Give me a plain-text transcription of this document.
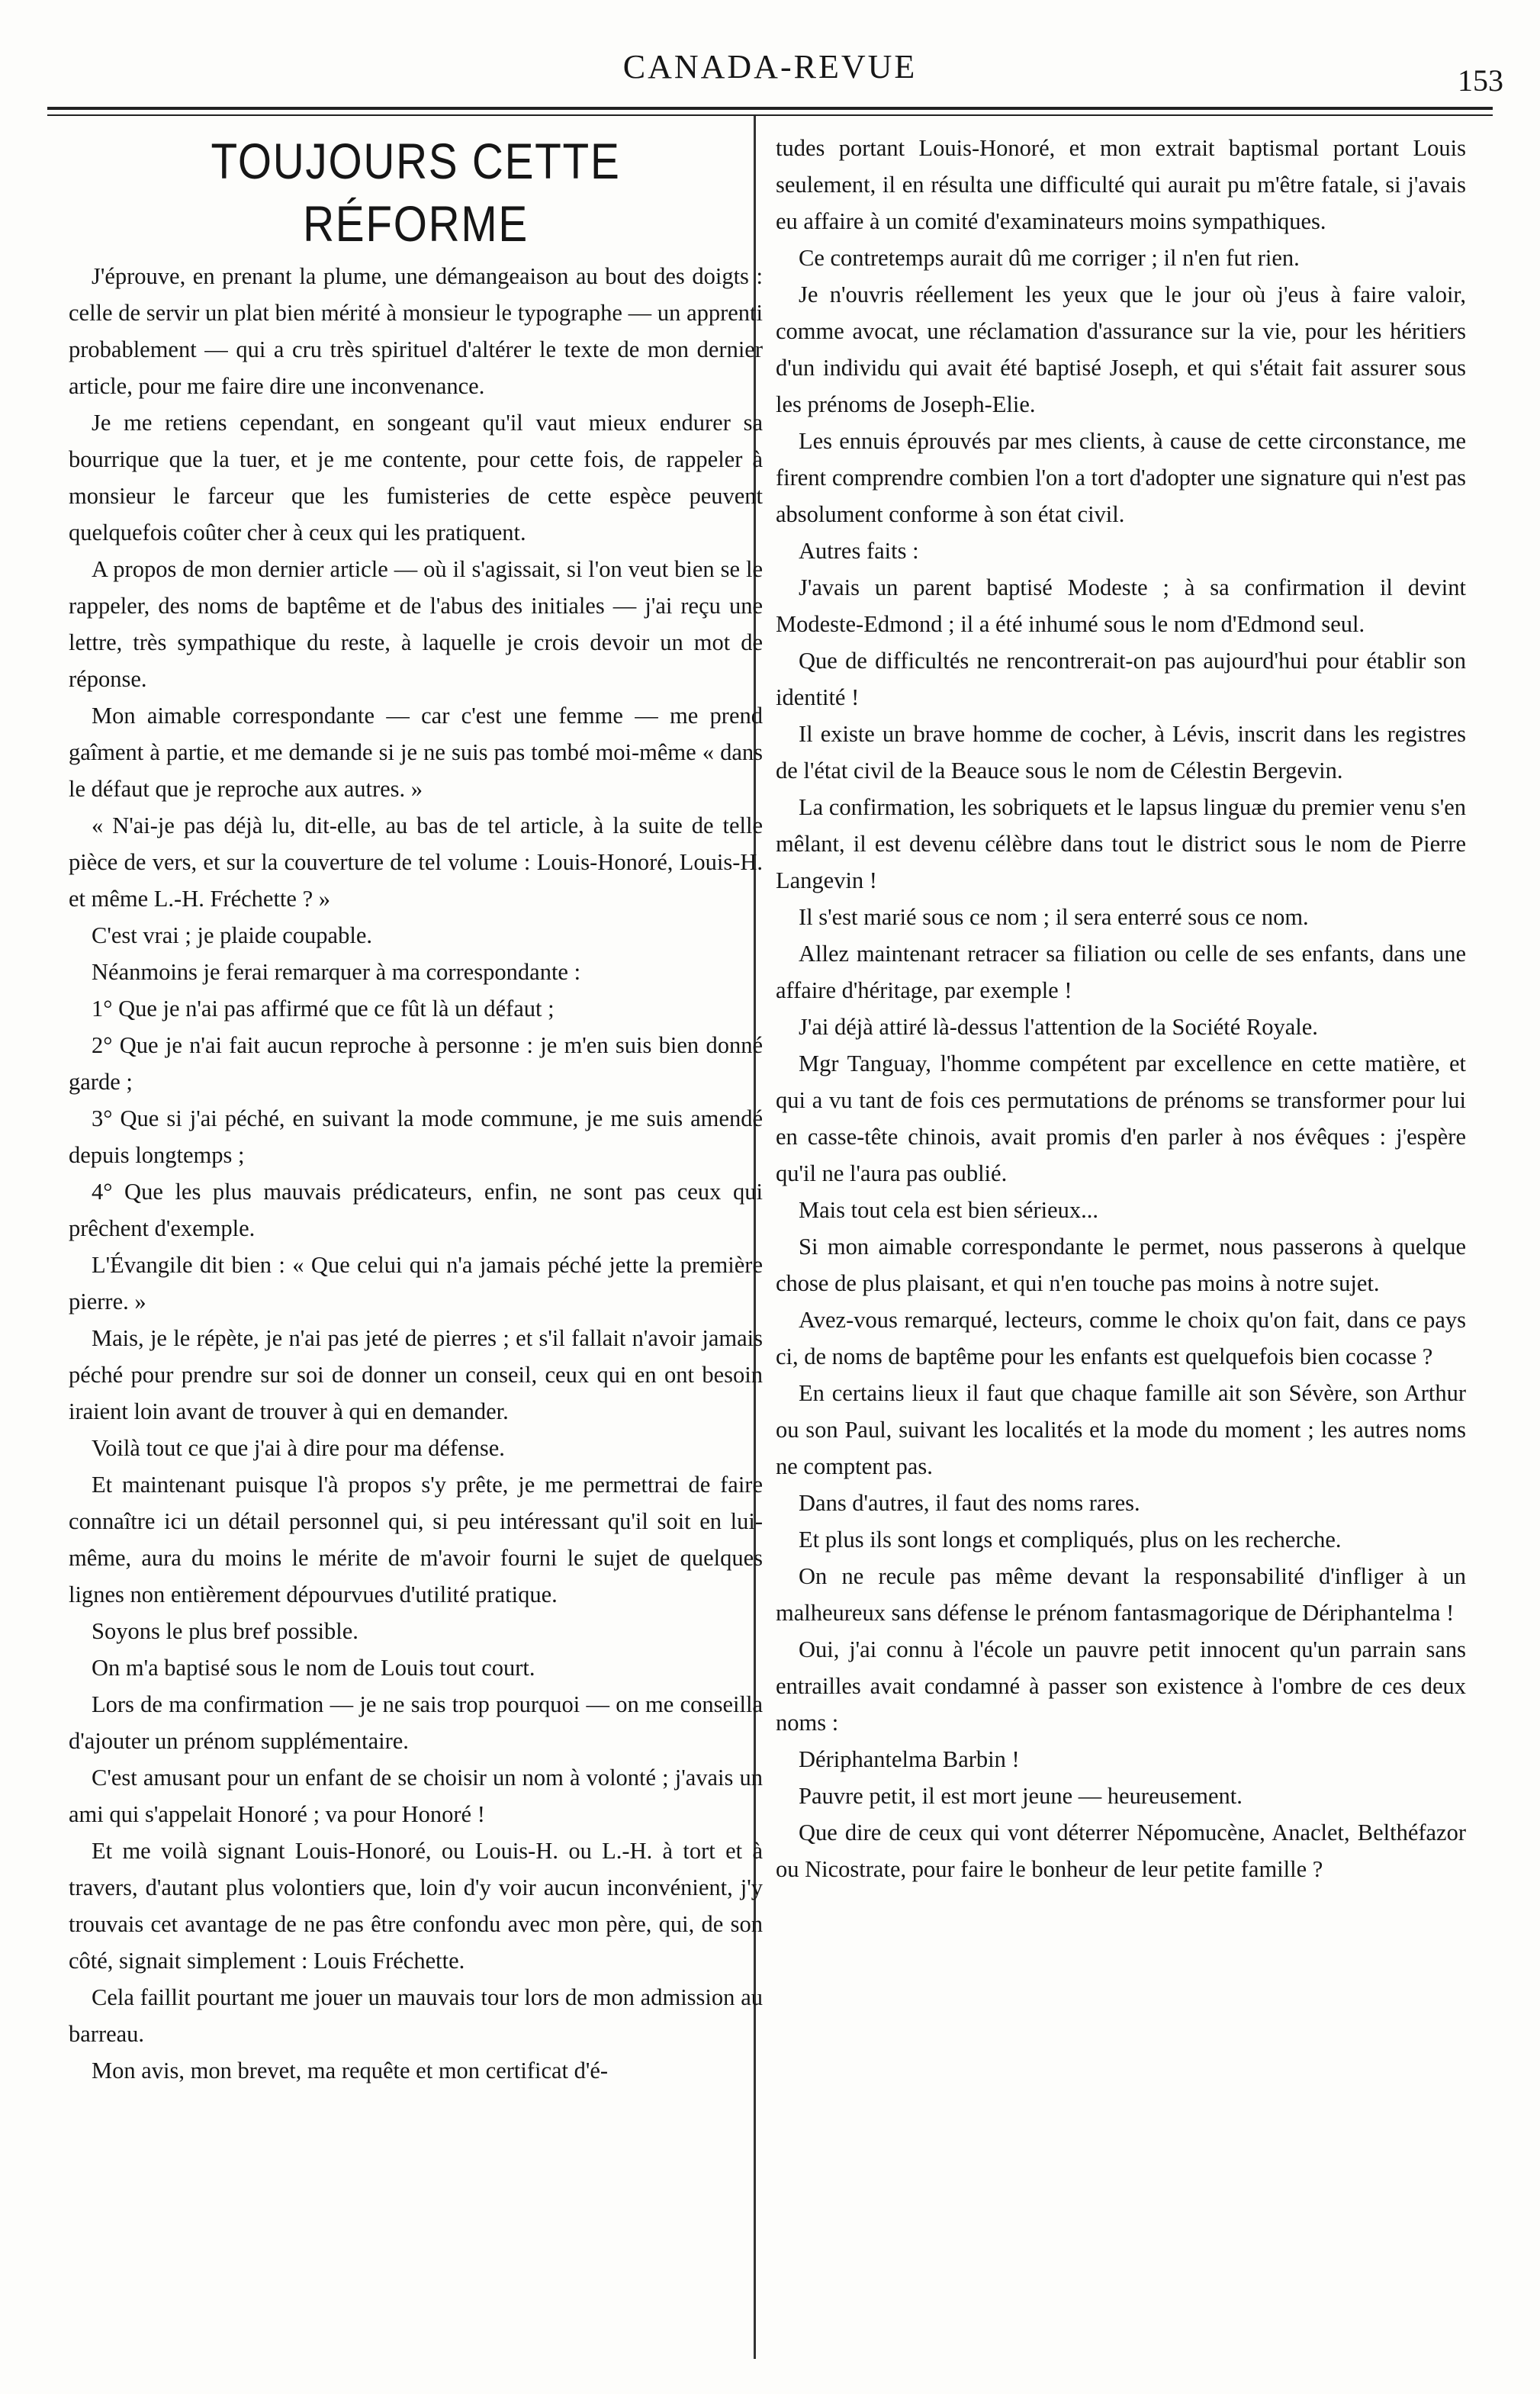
CANADA-REVUE	153
TOUJOURS CETTE RÉFORME

J'éprouve, en prenant la plume, une démangeaison au bout des doigts : celle de servir un plat bien mérité à monsieur le typographe — un apprenti probablement — qui a cru très spirituel d'altérer le texte de mon dernier article, pour me faire dire une inconvenance.

Je me retiens cependant, en songeant qu'il vaut mieux endurer sa bourrique que la tuer, et je me contente, pour cette fois, de rappeler à monsieur le farceur que les fumisteries de cette espèce peuvent quelquefois coûter cher à ceux qui les pratiquent.

A propos de mon dernier article — où il s'agissait, si l'on veut bien se le rappeler, des noms de baptême et de l'abus des initiales — j'ai reçu une lettre, très sympathique du reste, à laquelle je crois devoir un mot de réponse.

Mon aimable correspondante — car c'est une femme — me prend gaîment à partie, et me demande si je ne suis pas tombé moi-même « dans le défaut que je reproche aux autres. »

« N'ai-je pas déjà lu, dit-elle, au bas de tel article, à la suite de telle pièce de vers, et sur la couverture de tel volume : Louis-Honoré, Louis-H. et même L.-H. Fréchette ? »

C'est vrai ; je plaide coupable.

Néanmoins je ferai remarquer à ma correspondante :

1° Que je n'ai pas affirmé que ce fût là un défaut ;

2° Que je n'ai fait aucun reproche à personne : je m'en suis bien donné garde ;

3° Que si j'ai péché, en suivant la mode commune, je me suis amendé depuis longtemps ;

4° Que les plus mauvais prédicateurs, enfin, ne sont pas ceux qui prêchent d'exemple.

L'Évangile dit bien : « Que celui qui n'a jamais péché jette la première pierre. »

Mais, je le répète, je n'ai pas jeté de pierres ; et s'il fallait n'avoir jamais péché pour prendre sur soi de donner un conseil, ceux qui en ont besoin iraient loin avant de trouver à qui en demander.

Voilà tout ce que j'ai à dire pour ma défense.

Et maintenant puisque l'à propos s'y prête, je me permettrai de faire connaître ici un détail personnel qui, si peu intéressant qu'il soit en lui-même, aura du moins le mérite de m'avoir fourni le sujet de quelques lignes non entièrement dépourvues d'utilité pratique.

Soyons le plus bref possible.

On m'a baptisé sous le nom de Louis tout court.

Lors de ma confirmation — je ne sais trop pourquoi — on me conseilla d'ajouter un prénom supplémentaire.

C'est amusant pour un enfant de se choisir un nom à volonté ; j'avais un ami qui s'appelait Honoré ; va pour Honoré !

Et me voilà signant Louis-Honoré, ou Louis-H. ou L.-H. à tort et à travers, d'autant plus volontiers que, loin d'y voir aucun inconvénient, j'y trouvais cet avantage de ne pas être confondu avec mon père, qui, de son côté, signait simplement : Louis Fréchette.

Cela faillit pourtant me jouer un mauvais tour lors de mon admission au barreau.

Mon avis, mon brevet, ma requête et mon certificat d'é-

tudes portant Louis-Honoré, et mon extrait baptismal portant Louis seulement, il en résulta une difficulté qui aurait pu m'être fatale, si j'avais eu affaire à un comité d'examinateurs moins sympathiques.

Ce contretemps aurait dû me corriger ; il n'en fut rien.

Je n'ouvris réellement les yeux que le jour où j'eus à faire valoir, comme avocat, une réclamation d'assurance sur la vie, pour les héritiers d'un individu qui avait été baptisé Joseph, et qui s'était fait assurer sous les prénoms de Joseph-Elie.

Les ennuis éprouvés par mes clients, à cause de cette circonstance, me firent comprendre combien l'on a tort d'adopter une signature qui n'est pas absolument conforme à son état civil.

Autres faits :

J'avais un parent baptisé Modeste ; à sa confirmation il devint Modeste-Edmond ; il a été inhumé sous le nom d'Edmond seul.

Que de difficultés ne rencontrerait-on pas aujourd'hui pour établir son identité !

Il existe un brave homme de cocher, à Lévis, inscrit dans les registres de l'état civil de la Beauce sous le nom de Célestin Bergevin.

La confirmation, les sobriquets et le lapsus linguæ du premier venu s'en mêlant, il est devenu célèbre dans tout le district sous le nom de Pierre Langevin !

Il s'est marié sous ce nom ; il sera enterré sous ce nom.

Allez maintenant retracer sa filiation ou celle de ses enfants, dans une affaire d'héritage, par exemple !

J'ai déjà attiré là-dessus l'attention de la Société Royale.

Mgr Tanguay, l'homme compétent par excellence en cette matière, et qui a vu tant de fois ces permutations de prénoms se transformer pour lui en casse-tête chinois, avait promis d'en parler à nos évêques : j'espère qu'il ne l'aura pas oublié.

Mais tout cela est bien sérieux...

Si mon aimable correspondante le permet, nous passerons à quelque chose de plus plaisant, et qui n'en touche pas moins à notre sujet.

Avez-vous remarqué, lecteurs, comme le choix qu'on fait, dans ce pays ci, de noms de baptême pour les enfants est quelquefois bien cocasse ?

En certains lieux il faut que chaque famille ait son Sévère, son Arthur ou son Paul, suivant les localités et la mode du moment ; les autres noms ne comptent pas.

Dans d'autres, il faut des noms rares.

Et plus ils sont longs et compliqués, plus on les recherche.

On ne recule pas même devant la responsabilité d'infliger à un malheureux sans défense le prénom fantasmagorique de Dériphantelma !

Oui, j'ai connu à l'école un pauvre petit innocent qu'un parrain sans entrailles avait condamné à passer son existence à l'ombre de ces deux noms :

Dériphantelma Barbin !

Pauvre petit, il est mort jeune — heureusement.

Que dire de ceux qui vont déterrer Népomucène, Anaclet, Belthéfazor ou Nicostrate, pour faire le bonheur de leur petite famille ?
